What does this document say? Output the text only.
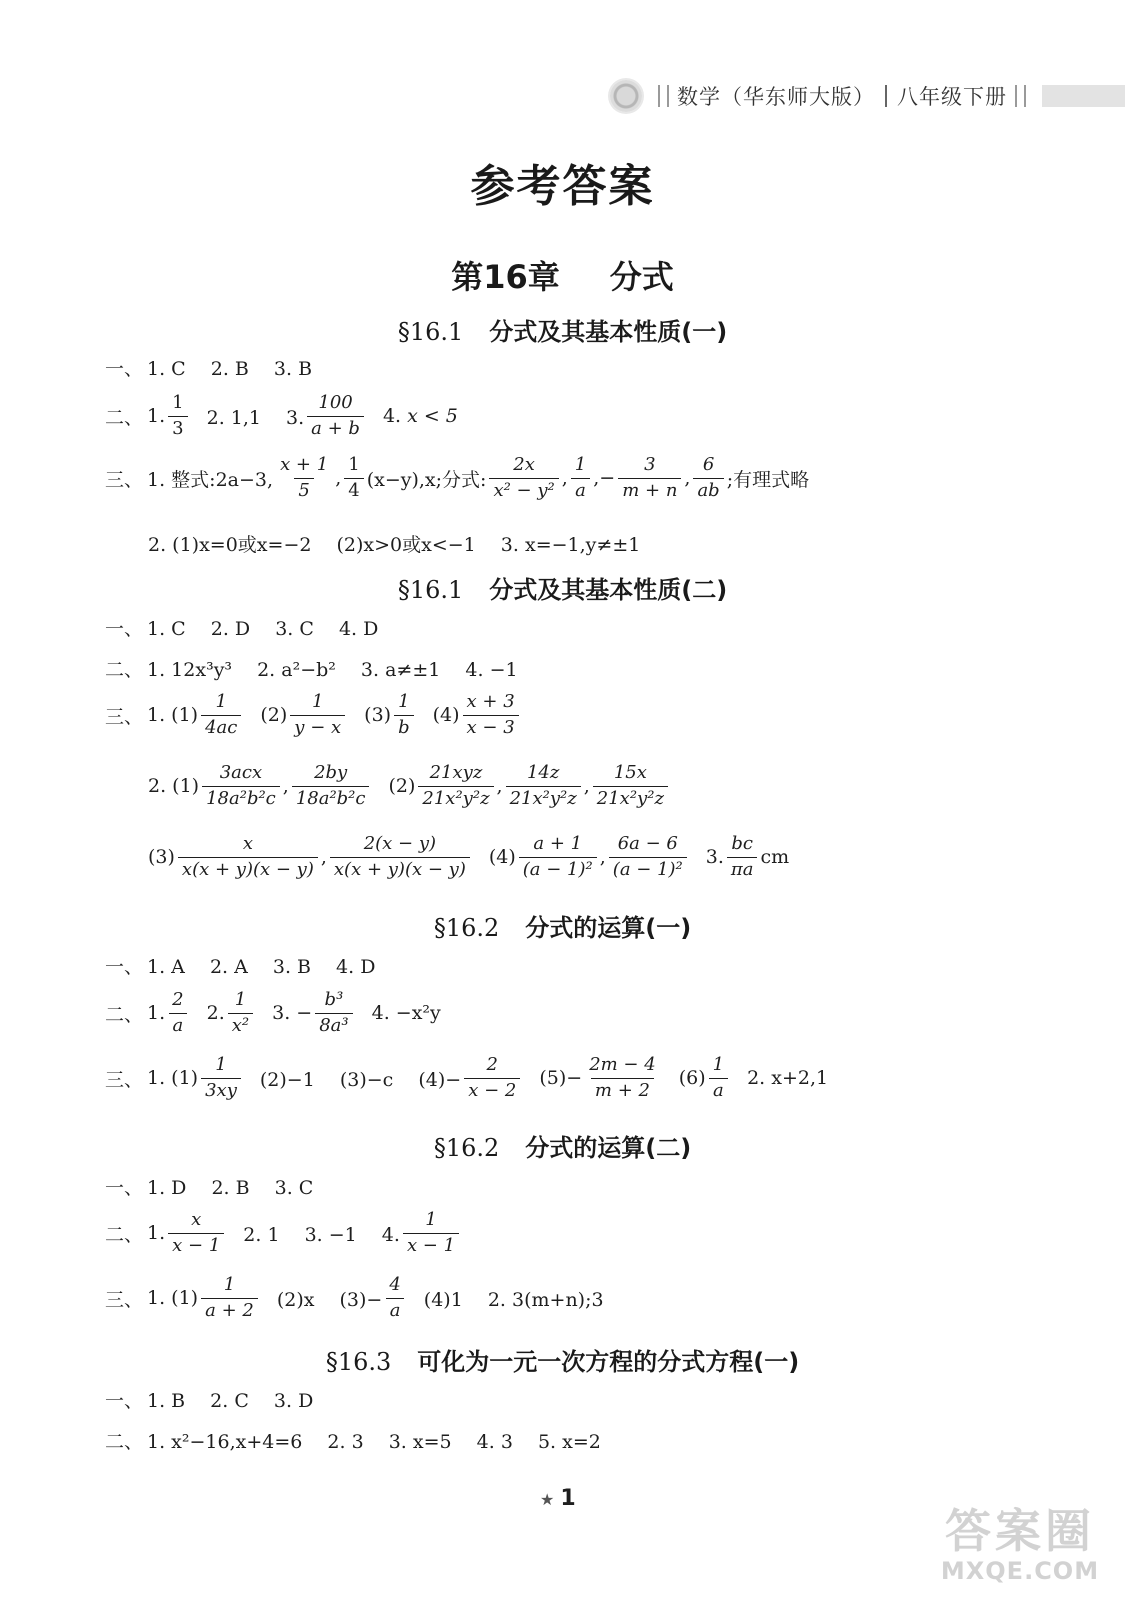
数学（华东师大版） 八年级下册
参考答案
第16章 分式
§16.1 分式及其基本性质(一)
一、 1. C 　2. B 　3. B
二、 1. $\frac{1}{3} 2$. 1,1 　3. $\frac{100}{a + b} 4$. x < 5
三、 1. 整式:2a−3, $\frac{x + 1}{5}$ , $\frac{1}{4} (x-y),x$;分式: $\frac{2x}{\text{x² − y²}}$ , $\frac{1}{a}$ ,− $\frac{3}{m + n}$ , $\frac{6}{ab}$ ;有理式略
2. (1)x=0或x=−2 　(2)x>0或x<−1 　3. x=−1,y≠±1
§16.1 分式及其基本性质(二)
一、 1. C 　2. D 　3. C 　4. D
二、 1. 12x³y³ 　2. a²−b² 　3. a≠±1 　4. −1
三、 1. $(1) \frac{1}{4ac} (2) \frac{1}{y - x} (3) \frac{1}{b} (4) \frac{x + 3}{x - 3}$
2. $(1) \frac{\text{3acx}}{\text{18a²b²c}}$ , $\frac{2by}{\text{18a²b²c}} (2) \frac{\text{21xyz}}{\text{21x²y²z}}$ , $\frac{14z}{\text{21x²y²z}}$ , $\frac{15x}{\text{21x²y²z}}$
$(3) \frac{x}{x(x + y)(x - y)}$ , $\frac{2(x - y)}{x(x + y)(x - y)} (4) \frac{a + 1}{\text{(a − 1)²}}$ , $\frac{6a - 6}{\text{(a − 1)²}} 3$. $\frac{bc}{\pi a}$ cm
§16.2 分式的运算(一)
一、 1. A 　2. A 　3. B 　4. D
二、 1. $\frac{2}{a} 2$. $\frac{1}{\text{x²}} 3$. − $\frac{\text{b³}}{\text{8a³}} 4$. −x²y
三、 1. $(1) \frac{1}{3xy} (2)-1$ 　(3)−c 　$(4)- \frac{2}{x - 2} (5)- \frac{2m - 4}{m + 2} (6) \frac{1}{a} 2$. x+2,1
§16.2 分式的运算(二)
一、 1. D 　2. B 　3. C
二、 1. $\frac{x}{x - 1} 2$. 1 　3. −1 　4. $\frac{1}{x - 1}$
三、 1. $(1) \frac{1}{a + 2} (2)x$ 　$(3)- \frac{4}{a} (4)1$ 　2. 3(m+n);3
§16.3 可化为一元一次方程的分式方程(一)
一、 1. B 　2. C 　3. D
二、 1. x²−16,x+4=6 　2. 3 　3. x=5 　4. 3 　5. x=2
★ 1
答案圈
MXQE.COM
